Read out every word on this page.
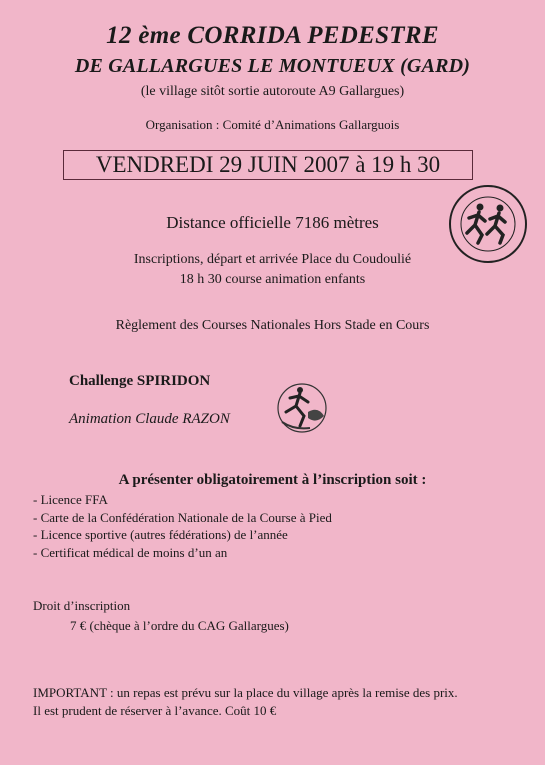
12 ème CORRIDA PEDESTRE
DE GALLARGUES LE MONTUEUX (GARD)
(le village sitôt sortie autoroute A9 Gallargues)
Organisation : Comité d’Animations Gallarguois
VENDREDI 29 JUIN 2007 à 19 h 30
Distance officielle 7186 mètres
Inscriptions, départ et arrivée Place du Coudoulié
18 h 30 course animation enfants
Règlement des Courses Nationales Hors Stade en Cours
Challenge SPIRIDON
Animation Claude RAZON
A présenter obligatoirement à l’inscription soit :
- Licence FFA
- Carte de la Confédération Nationale de la Course à Pied
- Licence sportive (autres fédérations) de l’année
- Certificat médical de moins d’un an
Droit d’inscription
7 € (chèque à l’ordre du CAG Gallargues)
IMPORTANT : un repas est prévu sur la place du village après la remise des prix.
Il est prudent de réserver à l’avance. Coût 10 €
